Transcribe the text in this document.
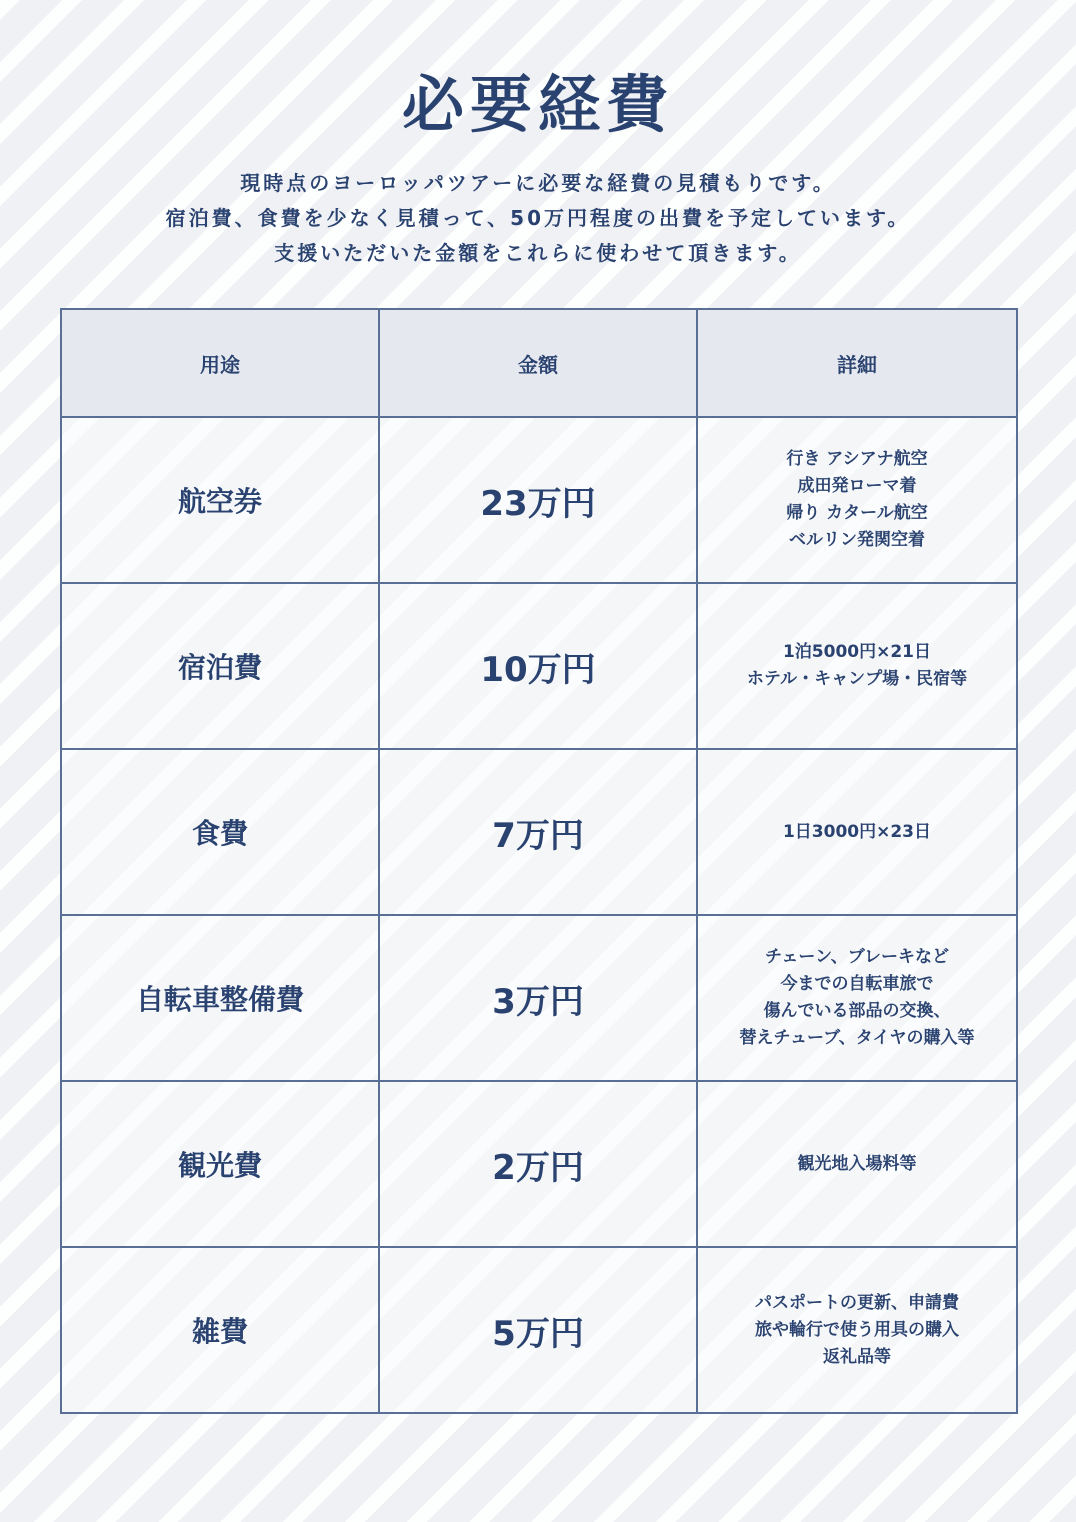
必要経費

現時点のヨーロッパツアーに必要な経費の見積もりです。

宿泊費、食費を少なく見積って、50万円程度の出費を予定しています。

支援いただいた金額をこれらに使わせて頂きます。

用途	金額	詳細
航空券	23万円	行き アシアナ航空
成田発ローマ着
帰り カタール航空
ベルリン発関空着

宿泊費	10万円	1泊5000円×21日
ホテル・キャンプ場・民宿等

食費	7万円	1日3000円×23日

自転車整備費	3万円	チェーン、ブレーキなど
今までの自転車旅で
傷んでいる部品の交換、
替えチューブ、タイヤの購入等

観光費	2万円	観光地入場料等

雑費	5万円	パスポートの更新、申請費
旅や輪行で使う用具の購入
返礼品等
